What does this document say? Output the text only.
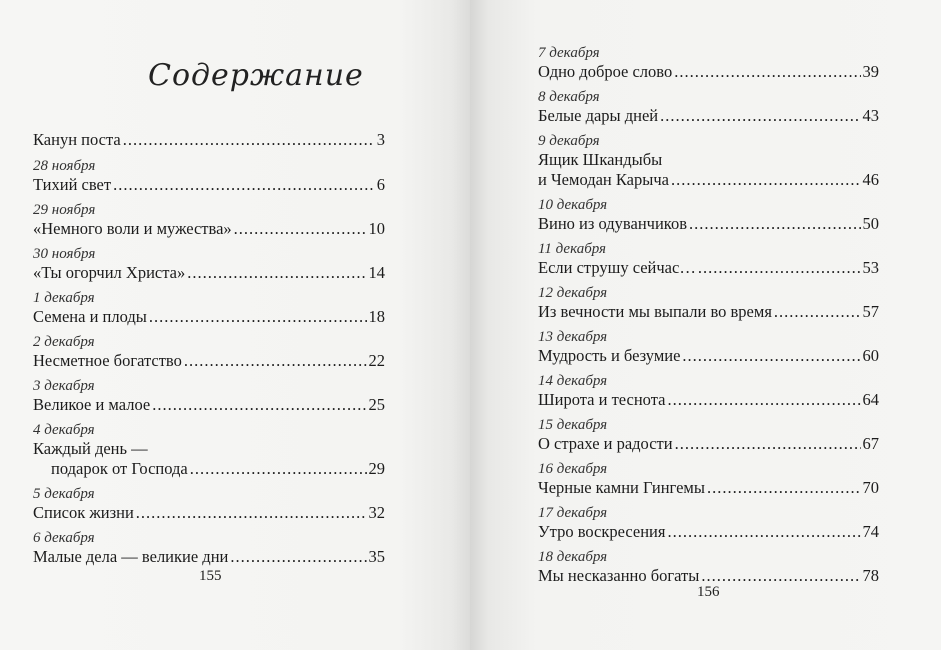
Содержание
Канун поста .....	3
28 ноября
Тихий свет .....	6
29 ноября
«Немного воли и мужества» .....	10
30 ноября
«Ты огорчил Христа» .....	14
1 декабря
Семена и плоды .....	18
2 декабря
Несметное богатство .....	22
3 декабря
Великое и малое .....	25
4 декабря
Каждый день —
подарок от Господа .....	29
5 декабря
Список жизни .....	32
6 декабря
Малые дела — великие дни .....	35
155
7 декабря
Одно доброе слово .....	39
8 декабря
Белые дары дней .....	43
9 декабря
Ящик Шкандыбы
и Чемодан Карыча .....	46
10 декабря
Вино из одуванчиков .....	50
11 декабря
Если струшу сейчас… .....	53
12 декабря
Из вечности мы выпали во время .....	57
13 декабря
Мудрость и безумие .....	60
14 декабря
Широта и теснота .....	64
15 декабря
О страхе и радости .....	67
16 декабря
Черные камни Гингемы .....	70
17 декабря
Утро воскресения .....	74
18 декабря
Мы несказанно богаты .....	78
156
